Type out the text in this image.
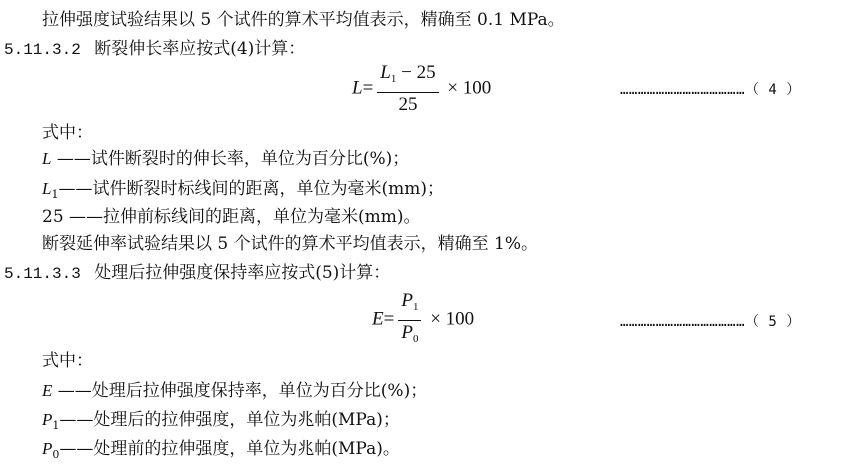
拉伸强度试验结果以 5 个试件的算术平均值表示，精确至 0.1 MPa。
5.11.3.2 断裂伸长率应按式(4)计算：
$L= \frac{L_1 - 25}{25} \times 100$	……………………………………（ 4 ）
式中：
L ——试件断裂时的伸长率，单位为百分比(%)；
$L_1——$试件断裂时标线间的距离，单位为毫米(mm)；
25 ——拉伸前标线间的距离，单位为毫米(mm)。
断裂延伸率试验结果以 5 个试件的算术平均值表示，精确至 1%。
5.11.3.3 处理后拉伸强度保持率应按式(5)计算：
$E= \frac{P_1}{P_0} \times 100$	……………………………………（ 5 ）
式中：
E ——处理后拉伸强度保持率，单位为百分比(%)；
$P_1——$处理后的拉伸强度，单位为兆帕(MPa)；
$P_0——$处理前的拉伸强度，单位为兆帕(MPa)。
